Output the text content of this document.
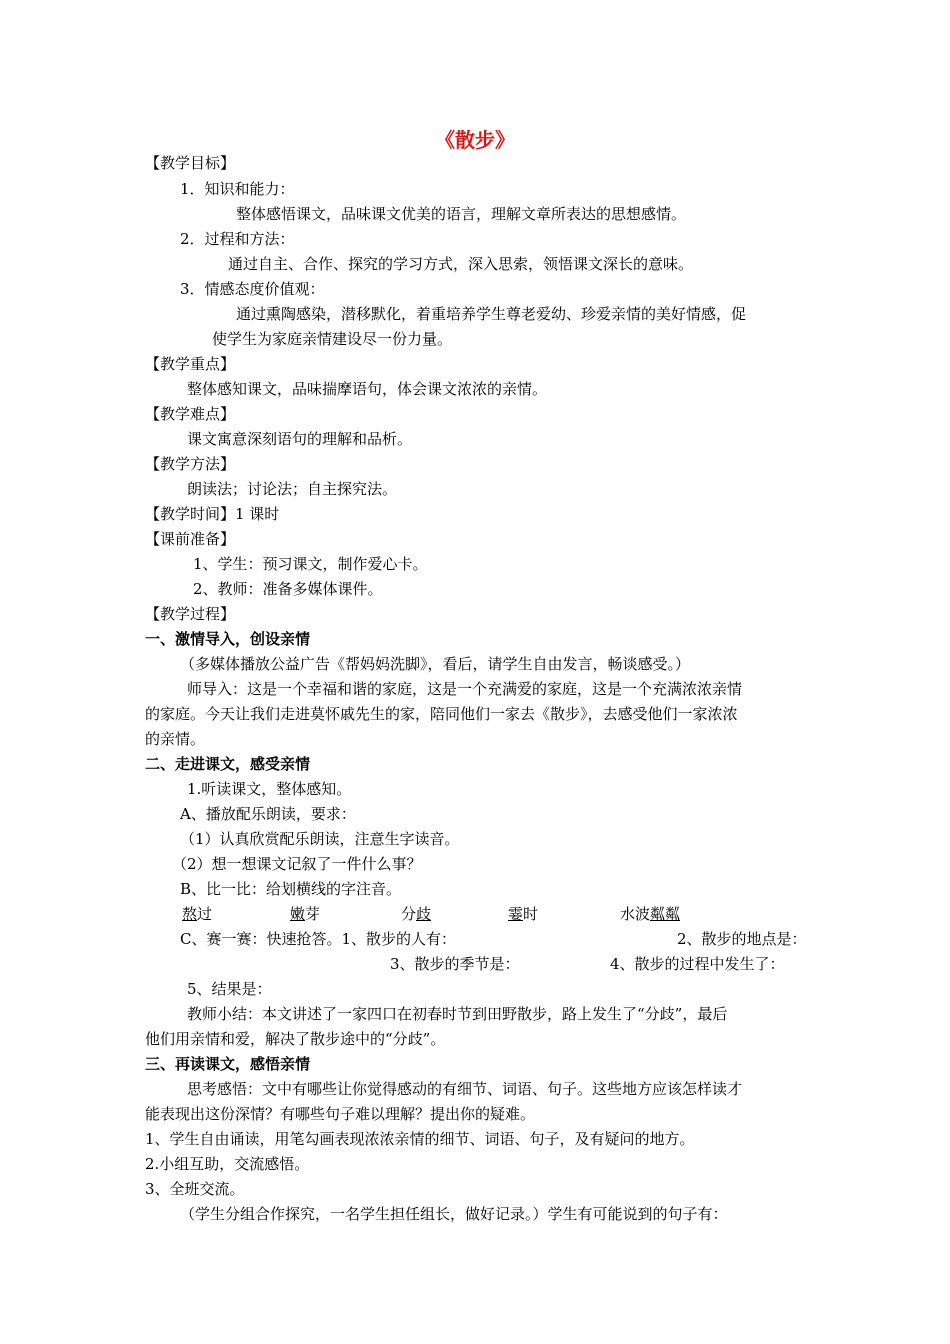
《散步》
【教学目标】
1．知识和能力：
整体感悟课文，品味课文优美的语言，理解文章所表达的思想感情。
2．过程和方法：
通过自主、合作、探究的学习方式，深入思索，领悟课文深长的意味。
3．情感态度价值观：
通过熏陶感染，潜移默化，着重培养学生尊老爱幼、珍爱亲情的美好情感，促
使学生为家庭亲情建设尽一份力量。
【教学重点】
整体感知课文，品味揣摩语句，体会课文浓浓的亲情。
【教学难点】
课文寓意深刻语句的理解和品析。
【教学方法】
朗读法；讨论法；自主探究法。
【教学时间】1 课时
【课前准备】
1、学生：预习课文，制作爱心卡。
2、教师：准备多媒体课件。
【教学过程】
一、激情导入，创设亲情
（多媒体播放公益广告《帮妈妈洗脚》，看后，请学生自由发言，畅谈感受。）
师导入：这是一个幸福和谐的家庭，这是一个充满爱的家庭，这是一个充满浓浓亲情
的家庭。今天让我们走进莫怀戚先生的家，陪同他们一家去《散步》，去感受他们一家浓浓
的亲情。
二、走进课文，感受亲情
1.听读课文，整体感知。
A、播放配乐朗读，要求：
（1）认真欣赏配乐朗读，注意生字读音。
（2）想一想课文记叙了一件什么事？
B、比一比：给划横线的字注音。
熬过	嫩芽	分歧	霎时	水波粼粼
C、赛一赛：快速抢答。1、散步的人有：	2、散步的地点是：
3、散步的季节是：	4、散步的过程中发生了：
5、结果是：
教师小结：本文讲述了一家四口在初春时节到田野散步，路上发生了“分歧”，最后
他们用亲情和爱，解决了散步途中的“分歧”。
三、再读课文，感悟亲情
思考感悟：文中有哪些让你觉得感动的有细节、词语、句子。这些地方应该怎样读才
能表现出这份深情？有哪些句子难以理解？提出你的疑难。
1、学生自由诵读，用笔勾画表现浓浓亲情的细节、词语、句子，及有疑问的地方。
2.小组互助，交流感悟。
3、全班交流。
（学生分组合作探究，一名学生担任组长，做好记录。）学生有可能说到的句子有：
